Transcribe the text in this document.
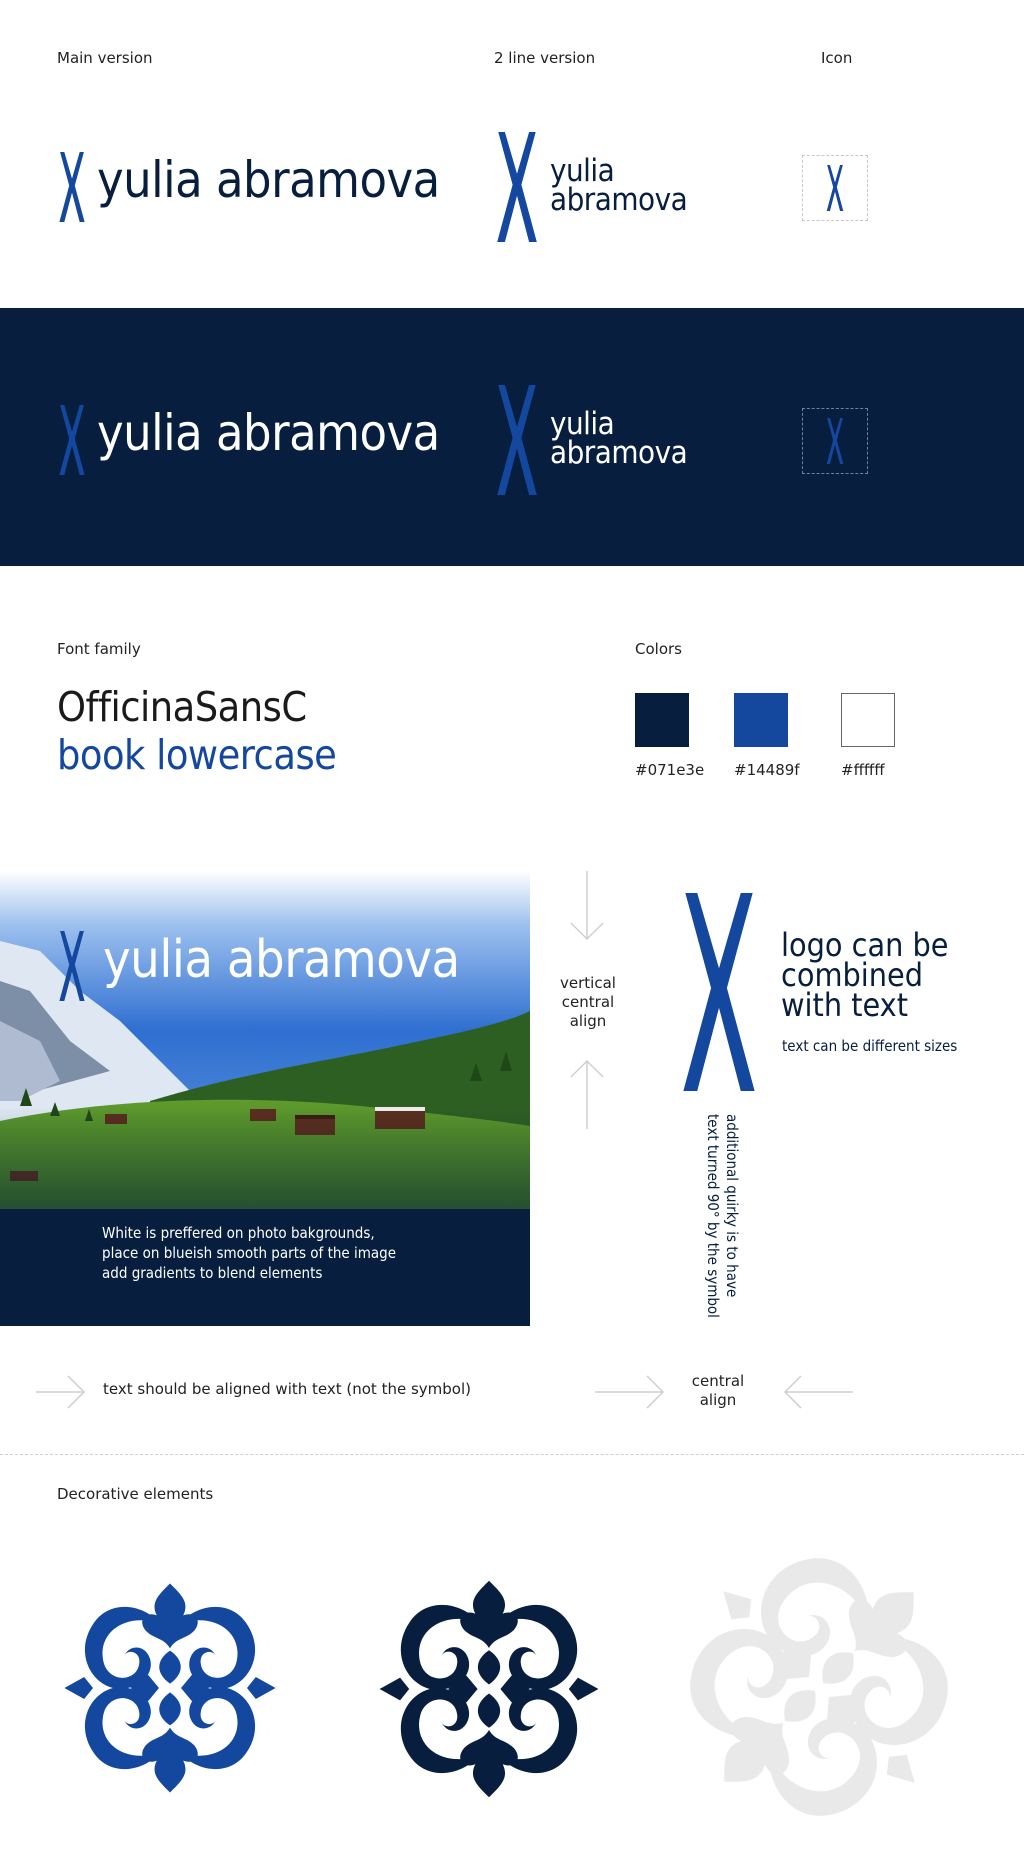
Main version	2 line version	Icon
yulia abramova	yulia
abramova
yulia abramova	yulia
abramova
Font family
OfficinaSansC
book lowercase
Colors
#071e3e #14489f	#ffffff
yulia abramova
White is preffered on photo bakgrounds,
place on blueish smooth parts of the image
add gradients to blend elements
vertical
central
align
logo can be
combined
with text
text can be different sizes
additional quirky is to have
text turned 90° by the symbol
text should be aligned with text (not the symbol)	central
align
Decorative elements
